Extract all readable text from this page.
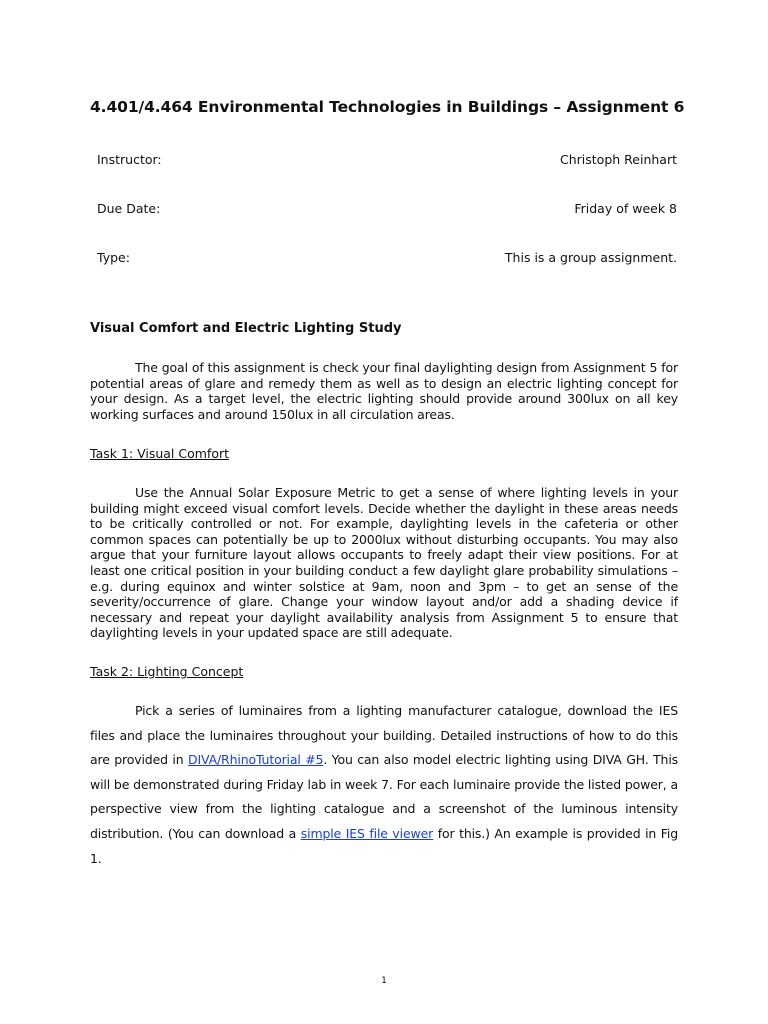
4.401/4.464 Environmental Technologies in Buildings – Assignment 6
Instructor:	Christoph Reinhart
Due Date:	Friday of week 8
Type:	This is a group assignment.
Visual Comfort and Electric Lighting Study

The goal of this assignment is check your final daylighting design from Assignment 5 for potential areas of glare and remedy them as well as to design an electric lighting concept for your design. As a target level, the electric lighting should provide around 300lux on all key working surfaces and around 150lux in all circulation areas.

Task 1: Visual Comfort

Use the Annual Solar Exposure Metric to get a sense of where lighting levels in your building might exceed visual comfort levels. Decide whether the daylight in these areas needs to be critically controlled or not. For example, daylighting levels in the cafeteria or other common spaces can potentially be up to 2000lux without disturbing occupants. You may also argue that your furniture layout allows occupants to freely adapt their view positions. For at least one critical position in your building conduct a few daylight glare probability simulations – e.g. during equinox and winter solstice at 9am, noon and 3pm – to get an sense of the severity/occurrence of glare. Change your window layout and/or add a shading device if necessary and repeat your daylight availability analysis from Assignment 5 to ensure that daylighting levels in your updated space are still adequate.

Task 2: Lighting Concept

Pick a series of luminaires from a lighting manufacturer catalogue, download the IES files and place the luminaires throughout your building. Detailed instructions of how to do this are provided in DIVA/RhinoTutorial #5. You can also model electric lighting using DIVA GH. This will be demonstrated during Friday lab in week 7. For each luminaire provide the listed power, a perspective view from the lighting catalogue and a screenshot of the luminous intensity distribution. (You can download a simple IES file viewer for this.) An example is provided in Fig 1.

1
